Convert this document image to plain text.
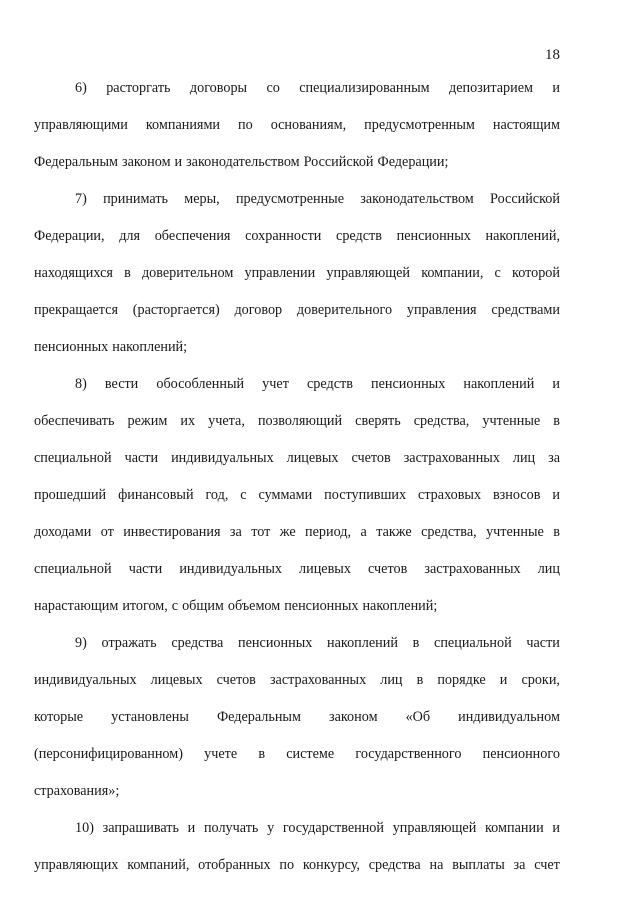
18
6) расторгать договоры со специализированным депозитарием и
управляющими компаниями по основаниям, предусмотренным настоящим
Федеральным законом и законодательством Российской Федерации;
7) принимать меры, предусмотренные законодательством Российской
Федерации, для обеспечения сохранности средств пенсионных накоплений,
находящихся в доверительном управлении управляющей компании, с которой
прекращается (расторгается) договор доверительного управления средствами
пенсионных накоплений;
8) вести обособленный учет средств пенсионных накоплений и
обеспечивать режим их учета, позволяющий сверять средства, учтенные в
специальной части индивидуальных лицевых счетов застрахованных лиц за
прошедший финансовый год, с суммами поступивших страховых взносов и
доходами от инвестирования за тот же период, а также средства, учтенные в
специальной части индивидуальных лицевых счетов застрахованных лиц
нарастающим итогом, с общим объемом пенсионных накоплений;
9) отражать средства пенсионных накоплений в специальной части
индивидуальных лицевых счетов застрахованных лиц в порядке и сроки,
которые установлены Федеральным законом «Об индивидуальном
(персонифицированном) учете в системе государственного пенсионного
страхования»;
10) запрашивать и получать у государственной управляющей компании и
управляющих компаний, отобранных по конкурсу, средства на выплаты за счет
